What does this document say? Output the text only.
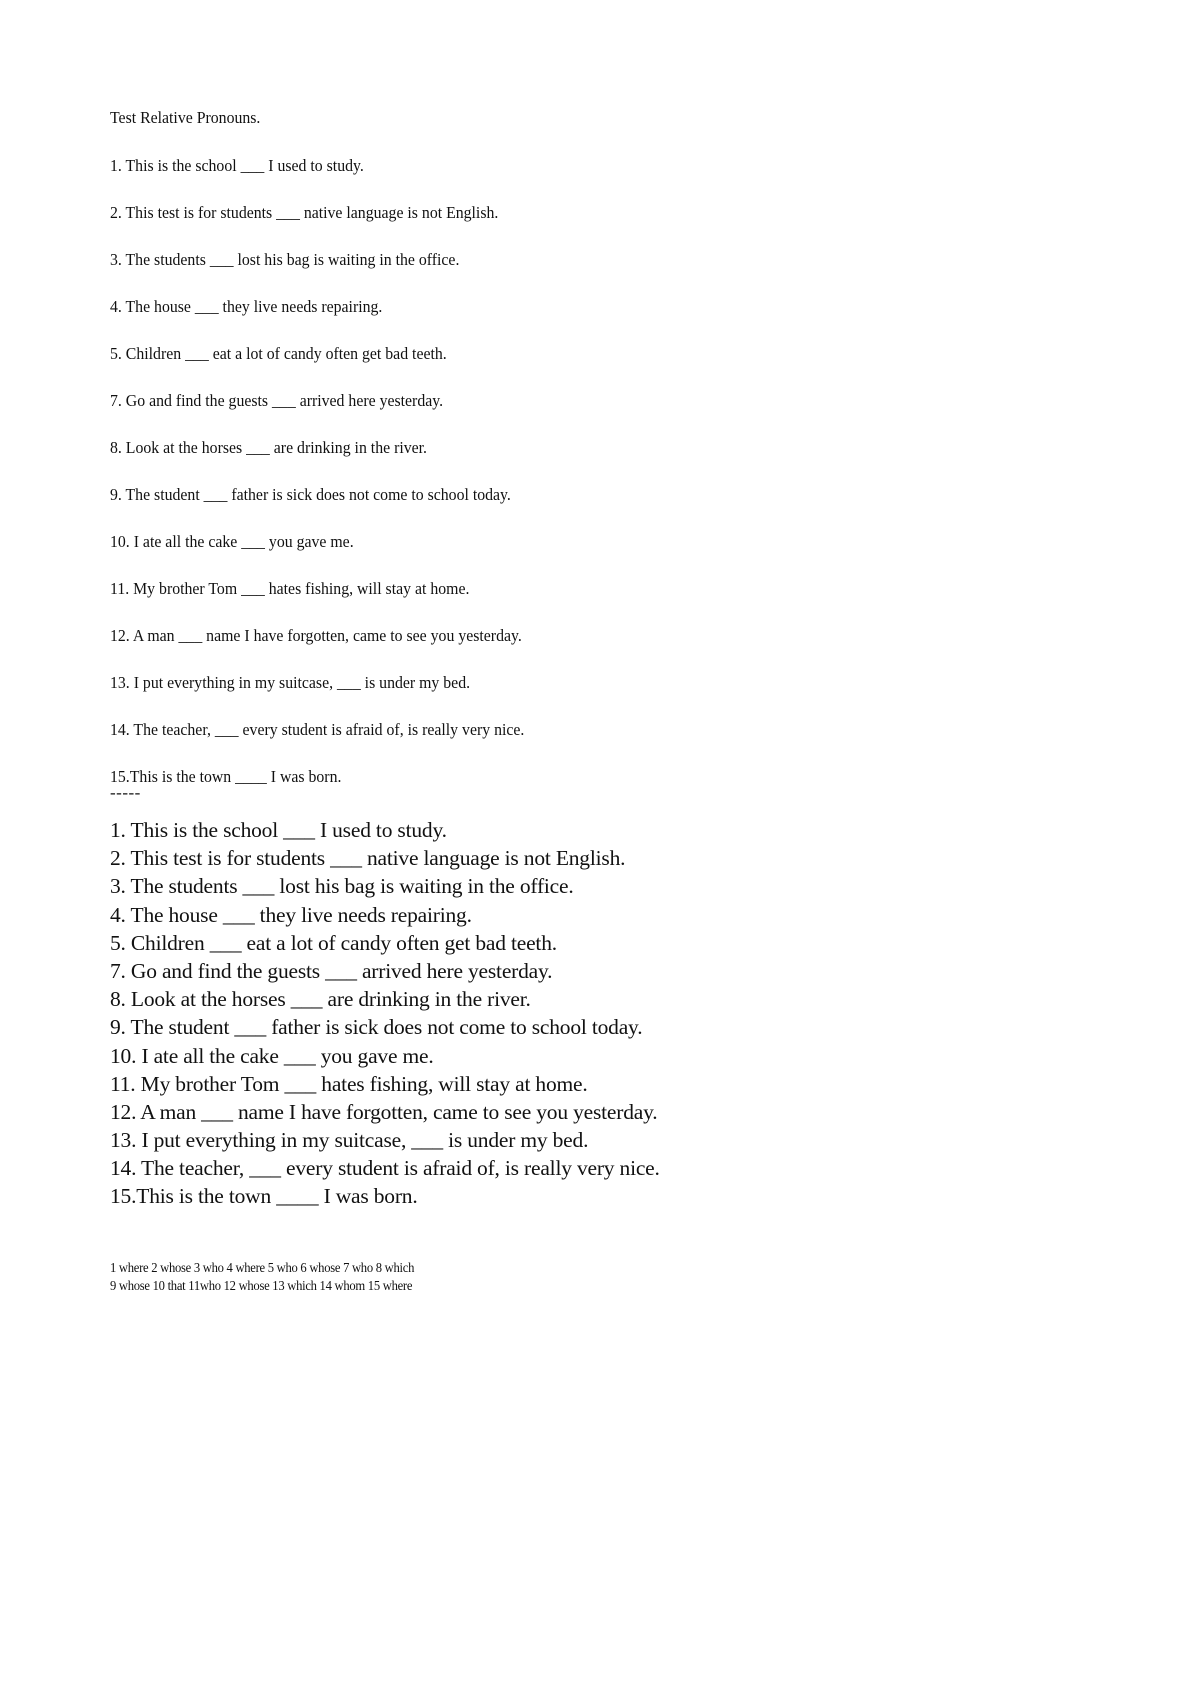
Test Relative Pronouns.
1. This is the school ___ I used to study.
2. This test is for students ___ native language is not English.
3. The students ___ lost his bag is waiting in the office.
4. The house ___ they live needs repairing.
5. Children ___ eat a lot of candy often get bad teeth.
7. Go and find the guests ___ arrived here yesterday.
8. Look at the horses ___ are drinking in the river.
9. The student ___ father is sick does not come to school today.
10. I ate all the cake ___ you gave me.
11. My brother Tom ___ hates fishing, will stay at home.
12. A man ___ name I have forgotten, came to see you yesterday.
13. I put everything in my suitcase, ___ is under my bed.
14. The teacher, ___ every student is afraid of, is really very nice.
15.This is the town ____ I was born.
-----
1. This is the school ___ I used to study.
2. This test is for students ___ native language is not English.
3. The students ___ lost his bag is waiting in the office.
4. The house ___ they live needs repairing.
5. Children ___ eat a lot of candy often get bad teeth.
7. Go and find the guests ___ arrived here yesterday.
8. Look at the horses ___ are drinking in the river.
9. The student ___ father is sick does not come to school today.
10. I ate all the cake ___ you gave me.
11. My brother Tom ___ hates fishing, will stay at home.
12. A man ___ name I have forgotten, came to see you yesterday.
13. I put everything in my suitcase, ___ is under my bed.
14. The teacher, ___ every student is afraid of, is really very nice.
15.This is the town ____ I was born.
1 where 2 whose 3 who 4 where 5 who 6 whose 7 who 8 which
9 whose 10 that 11who 12 whose 13 which 14 whom 15 where
